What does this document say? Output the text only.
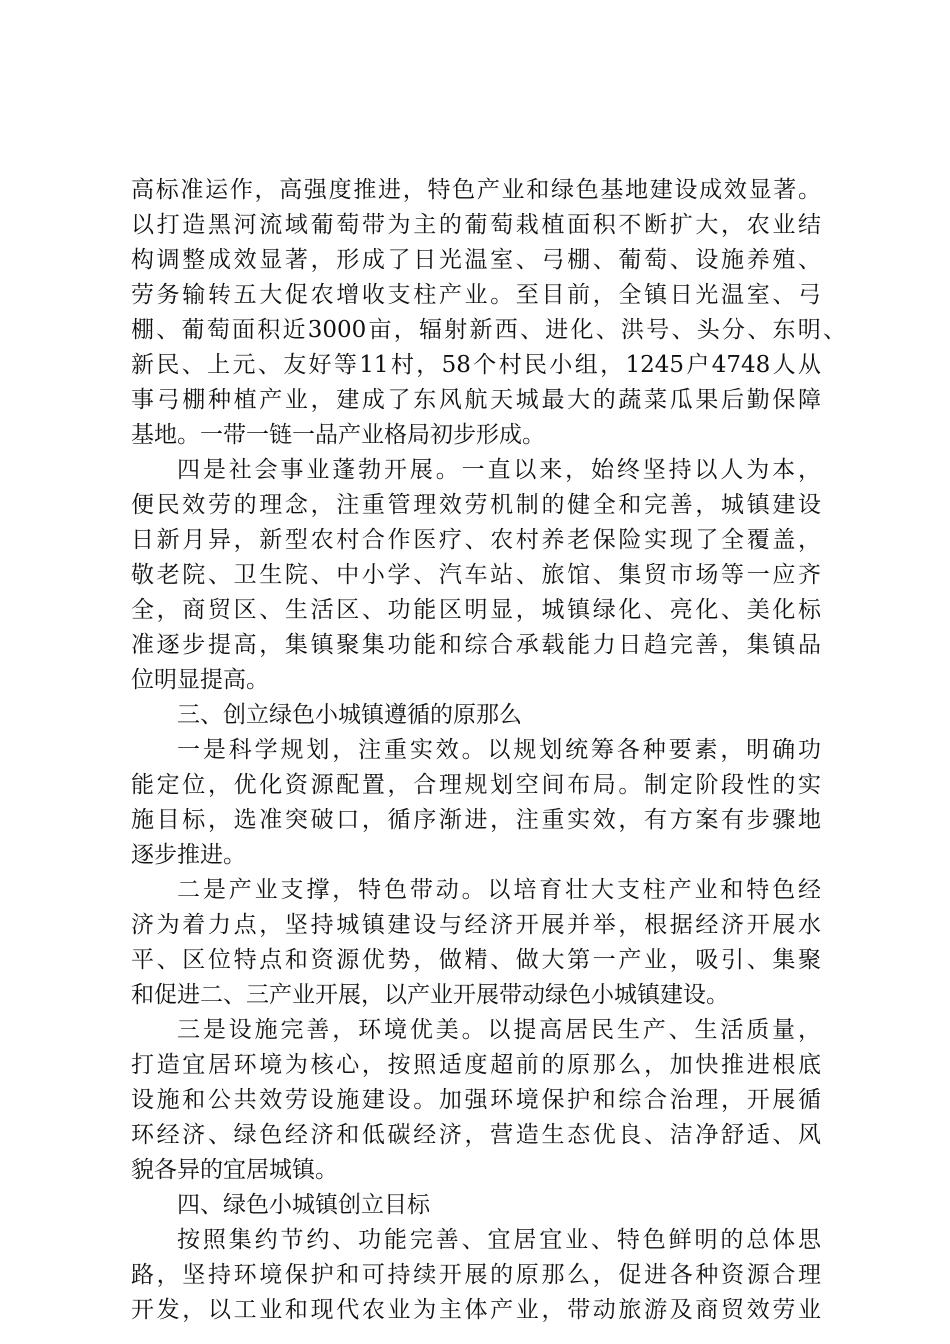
高标准运作，高强度推进，特色产业和绿色基地建设成效显著。
以打造黑河流域葡萄带为主的葡萄栽植面积不断扩大，农业结
构调整成效显著，形成了日光温室、弓棚、葡萄、设施养殖、
劳务输转五大促农增收支柱产业。至目前，全镇日光温室、弓
棚、葡萄面积近3000亩，辐射新西、进化、洪号、头分、东明、
新民、上元、友好等11村，58个村民小组，1245户4748人从
事弓棚种植产业，建成了东风航天城最大的蔬菜瓜果后勤保障
基地。一带一链一品产业格局初步形成。
四是社会事业蓬勃开展。一直以来，始终坚持以人为本，
便民效劳的理念，注重管理效劳机制的健全和完善，城镇建设
日新月异，新型农村合作医疗、农村养老保险实现了全覆盖，
敬老院、卫生院、中小学、汽车站、旅馆、集贸市场等一应齐
全，商贸区、生活区、功能区明显，城镇绿化、亮化、美化标
准逐步提高，集镇聚集功能和综合承载能力日趋完善，集镇品
位明显提高。
三、创立绿色小城镇遵循的原那么
一是科学规划，注重实效。以规划统筹各种要素，明确功
能定位，优化资源配置，合理规划空间布局。制定阶段性的实
施目标，选准突破口，循序渐进，注重实效，有方案有步骤地
逐步推进。
二是产业支撑，特色带动。以培育壮大支柱产业和特色经
济为着力点，坚持城镇建设与经济开展并举，根据经济开展水
平、区位特点和资源优势，做精、做大第一产业，吸引、集聚
和促进二、三产业开展，以产业开展带动绿色小城镇建设。
三是设施完善，环境优美。以提高居民生产、生活质量，
打造宜居环境为核心，按照适度超前的原那么，加快推进根底
设施和公共效劳设施建设。加强环境保护和综合治理，开展循
环经济、绿色经济和低碳经济，营造生态优良、洁净舒适、风
貌各异的宜居城镇。
四、绿色小城镇创立目标
按照集约节约、功能完善、宜居宜业、特色鲜明的总体思
路，坚持环境保护和可持续开展的原那么，促进各种资源合理
开发，以工业和现代农业为主体产业，带动旅游及商贸效劳业
